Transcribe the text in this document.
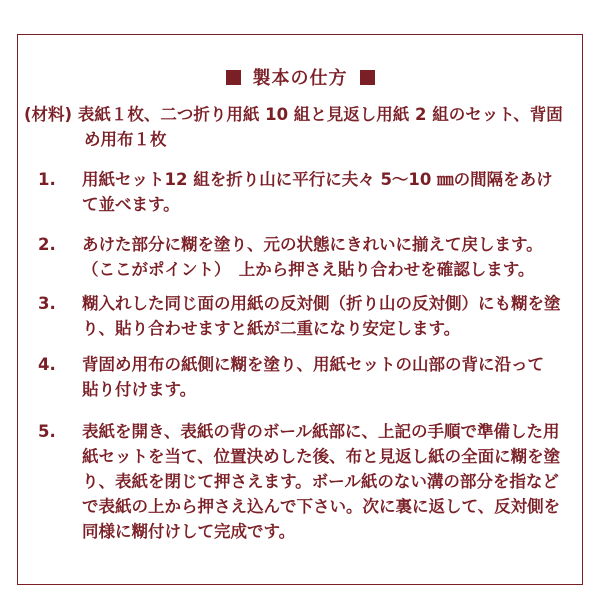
製本の仕方
(材料) 表紙１枚、二つ折り用紙 10 組と見返し用紙 2 組のセット、背固
め用布１枚
1.	用紙セット12 組を折り山に平行に夫々 5〜10 ㎜の間隔をあけ
て並べます。
2.	あけた部分に糊を塗り、元の状態にきれいに揃えて戻します。
（ここがポイント）　上から押さえ貼り合わせを確認します。
3.	糊入れした同じ面の用紙の反対側（折り山の反対側）にも糊を塗
り、貼り合わせますと紙が二重になり安定します。
4.	背固め用布の紙側に糊を塗り、用紙セットの山部の背に沿って
貼り付けます。
5.	表紙を開き、表紙の背のボール紙部に、上記の手順で準備した用
紙セットを当て、位置決めした後、布と見返し紙の全面に糊を塗
り、表紙を閉じて押さえます。ボール紙のない溝の部分を指など
で表紙の上から押さえ込んで下さい。次に裏に返して、反対側を
同様に糊付けして完成です。
